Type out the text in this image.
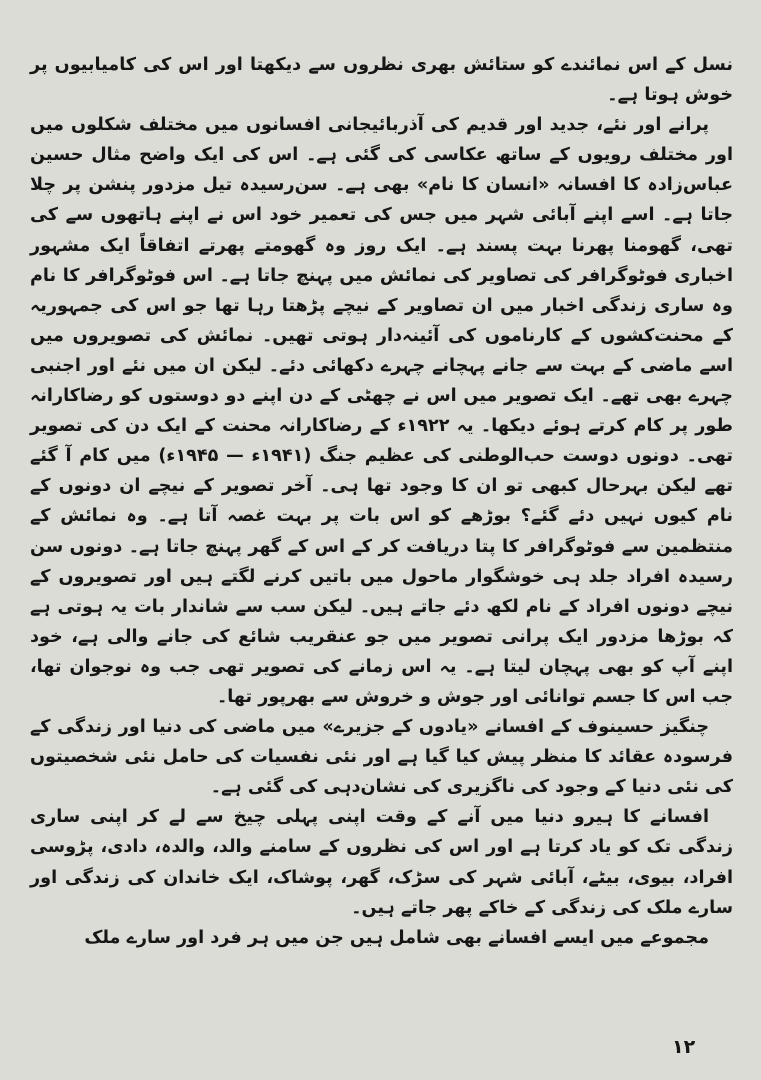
نسل کے اس نمائندے کو ستائش بھری نظروں سے دیکھتا اور اس کی کامیابیوں پر خوش ہوتا ہے۔

پرانے اور نئے، جدید اور قدیم کی آذربائیجانی افسانوں میں مختلف شکلوں میں اور مختلف رویوں کے ساتھ عکاسی کی گئی ہے۔ اس کی ایک واضح مثال حسین عباس‌زادہ کا افسانہ «انسان کا نام» بھی ہے۔ سن‌رسیدہ تیل مزدور پنشن پر چلا جاتا ہے۔ اسے اپنے آبائی شہر میں جس کی تعمیر خود اس نے اپنے ہاتھوں سے کی تھی، گھومنا پھرنا بہت پسند ہے۔ ایک روز وہ گھومتے پھرتے اتفاقاً ایک مشہور اخباری فوٹوگرافر کی تصاویر کی نمائش میں پہنچ جاتا ہے۔ اس فوٹوگرافر کا نام وہ ساری زندگی اخبار میں ان تصاویر کے نیچے پڑھتا رہا تھا جو اس کی جمہوریہ کے محنت‌کشوں کے کارناموں کی آئینہ‌دار ہوتی تھیں۔ نمائش کی تصویروں میں اسے ماضی کے بہت سے جانے پہچانے چہرے دکھائی دئے۔ لیکن ان میں نئے اور اجنبی چہرے بھی تھے۔ ایک تصویر میں اس نے چھٹی کے دن اپنے دو دوستوں کو رضاکارانہ طور پر کام کرتے ہوئے دیکھا۔ یہ ۱۹۲۲ء کے رضاکارانہ محنت کے ایک دن کی تصویر تھی۔ دونوں دوست حب‌الوطنی کی عظیم جنگ (۱۹۴۱ء — ۱۹۴۵ء) میں کام آ گئے تھے لیکن بہرحال کبھی تو ان کا وجود تھا ہی۔ آخر تصویر کے نیچے ان دونوں کے نام کیوں نہیں دئے گئے؟ بوڑھے کو اس بات پر بہت غصہ آتا ہے۔ وہ نمائش کے منتظمین سے فوٹوگرافر کا پتا دریافت کر کے اس کے گھر پہنچ جاتا ہے۔ دونوں سن رسیدہ افراد جلد ہی خوشگوار ماحول میں باتیں کرنے لگتے ہیں اور تصویروں کے نیچے دونوں افراد کے نام لکھ دئے جاتے ہیں۔ لیکن سب سے شاندار بات یہ ہوتی ہے کہ بوڑھا مزدور ایک پرانی تصویر میں جو عنقریب شائع کی جانے والی ہے، خود اپنے آپ کو بھی پہچان لیتا ہے۔ یہ اس زمانے کی تصویر تھی جب وہ نوجوان تھا، جب اس کا جسم توانائی اور جوش و خروش سے بھرپور تھا۔

چنگیز حسینوف کے افسانے «یادوں کے جزیرے» میں ماضی کی دنیا اور زندگی کے فرسودہ عقائد کا منظر پیش کیا گیا ہے اور نئی نفسیات کی حامل نئی شخصیتوں کی نئی دنیا کے وجود کی ناگزیری کی نشان‌دہی کی گئی ہے۔

افسانے کا ہیرو دنیا میں آنے کے وقت اپنی پہلی چیخ سے لے کر اپنی ساری زندگی تک کو یاد کرتا ہے اور اس کی نظروں کے سامنے والد، والدہ، دادی، پڑوسی افراد، بیوی، بیٹے، آبائی شہر کی سڑک، گھر، پوشاک، ایک خاندان کی زندگی اور سارے ملک کی زندگی کے خاکے پھر جاتے ہیں۔

مجموعے میں ایسے افسانے بھی شامل ہیں جن میں ہر فرد اور سارے ملک

۱۲
